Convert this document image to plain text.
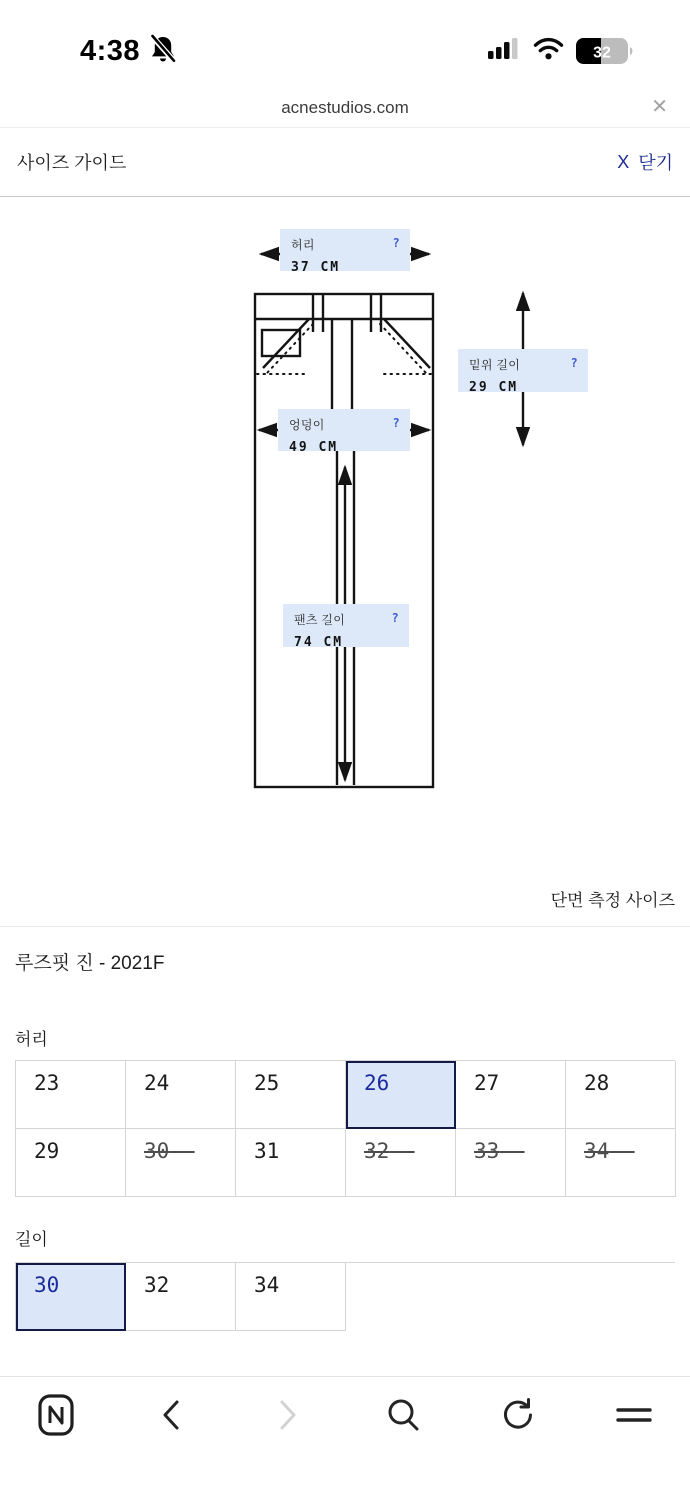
4:38	32
acnestudios.com	✕
사이즈 가이드	X 닫기
허리	?
37 CM
밑위 길이	?
29 CM
엉덩이	?
49 CM
팬츠 길이	?
74 CM
단면 측정 사이즈
루즈핏 진 - 2021F
허리
23	24	25	26	27	28
29	30	31	32	33	34
길이
30	32	34
